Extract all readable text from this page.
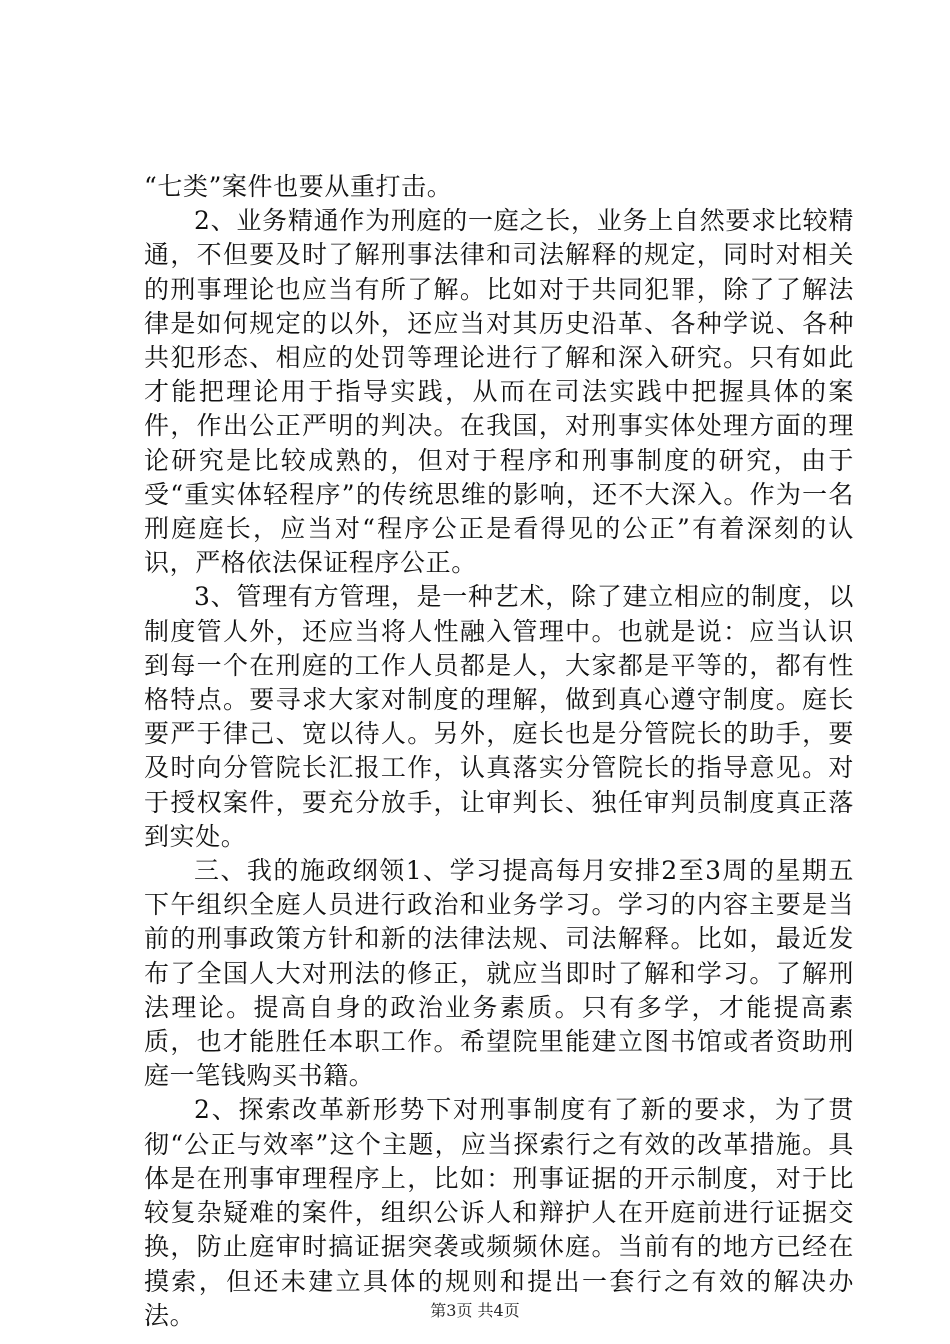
“七类”案件也要从重打击。

2、业务精通作为刑庭的一庭之长，业务上自然要求比较精通，不但要及时了解刑事法律和司法解释的规定，同时对相关的刑事理论也应当有所了解。比如对于共同犯罪，除了了解法律是如何规定的以外，还应当对其历史沿革、各种学说、各种共犯形态、相应的处罚等理论进行了解和深入研究。只有如此才能把理论用于指导实践，从而在司法实践中把握具体的案件，作出公正严明的判决。在我国，对刑事实体处理方面的理论研究是比较成熟的，但对于程序和刑事制度的研究，由于受“重实体轻程序”的传统思维的影响，还不大深入。作为一名刑庭庭长，应当对“程序公正是看得见的公正”有着深刻的认识，严格依法保证程序公正。

3、管理有方管理，是一种艺术，除了建立相应的制度，以制度管人外，还应当将人性融入管理中。也就是说：应当认识到每一个在刑庭的工作人员都是人，大家都是平等的，都有性格特点。要寻求大家对制度的理解，做到真心遵守制度。庭长要严于律己、宽以待人。另外，庭长也是分管院长的助手，要及时向分管院长汇报工作，认真落实分管院长的指导意见。对于授权案件，要充分放手，让审判长、独任审判员制度真正落到实处。

三、我的施政纲领1、学习提高每月安排2至3周的星期五下午组织全庭人员进行政治和业务学习。学习的内容主要是当前的刑事政策方针和新的法律法规、司法解释。比如，最近发布了全国人大对刑法的修正，就应当即时了解和学习。了解刑法理论。提高自身的政治业务素质。只有多学，才能提高素质，也才能胜任本职工作。希望院里能建立图书馆或者资助刑庭一笔钱购买书籍。

2、探索改革新形势下对刑事制度有了新的要求，为了贯彻“公正与效率”这个主题，应当探索行之有效的改革措施。具体是在刑事审理程序上，比如：刑事证据的开示制度，对于比较复杂疑难的案件，组织公诉人和辩护人在开庭前进行证据交换，防止庭审时搞证据突袭或频频休庭。当前有的地方已经在摸索，但还未建立具体的规则和提出一套行之有效的解决办法。	第3页 共4页
